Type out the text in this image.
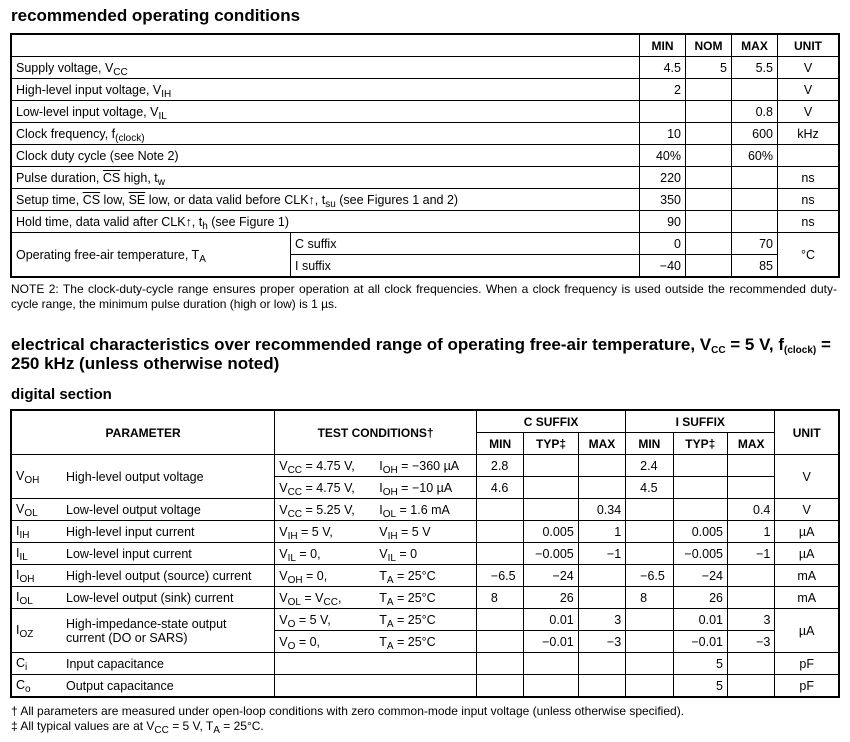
recommended operating conditions
		MIN	NOM	MAX	UNIT
Supply voltage, $V_{CC}$		4.5	5	5.5	V
High-level input voltage, $V_{IH}$		2			V
Low-level input voltage, $V_{IL}$				0.8	V
Clock frequency, $f_{(clock)}$		10		600	kHz
Clock duty cycle (see Note 2)		40%		60%	
Pulse duration, $\overline{CS}$ high, $t_w$		220			ns
Setup time, $\overline{CS}$ low, $\overline{SE}$ low, or data valid before CLK↑, $t_{su}$ (see Figures 1 and 2)		350			ns
Hold time, data valid after CLK↑, $t_h$ (see Figure 1)		90			ns
Operating free-air temperature, $T_A$	C suffix	0		70	°C
	I suffix	−40		85	
NOTE 2: The clock-duty-cycle range ensures proper operation at all clock frequencies. When a clock frequency is used outside the recommended duty-cycle range, the minimum pulse duration (high or low) is 1 µs.
electrical characteristics over recommended range of operating free-air temperature, $V_{CC} = 5$ V, $f_{(clock)} = 250$ kHz (unless otherwise noted)
digital section
PARAMETER	TEST CONDITIONS†	C SUFFIX			I SUFFIX			UNIT
		MIN	TYP‡	MAX	MIN	TYP‡	MAX	
$V_{OH}$ High-level output voltage	$V_{CC} = 4.75$ V, $I_{OH} = -360$ µA	2.8			2.4			V
	$V_{CC} = 4.75$ V, $I_{OH} = -10$ µA	4.6			4.5			
$V_{OL}$ Low-level output voltage	$V_{CC} = 5.25$ V, $I_{OL} = 1.6$ mA			0.34			0.4	V
$I_{IH}$ High-level input current	$V_{IH} = 5$ V, $V_{IH} = 5$ V		0.005	1		0.005	1	µA
$I_{IL}$ Low-level input current	$V_{IL} = 0$, $V_{IL} = 0$		−0.005	−1		−0.005	−1	µA
$I_{OH}$ High-level output (source) current	$V_{OH} = 0$, $T_A = 25^\circ C$	−6.5	−24		−6.5	−24		mA
$I_{OL}$ Low-level output (sink) current	$V_{OL} = V_{CC}$, $T_A = 25^\circ C$	8	26		8	26		mA
$I_{OZ}High-impedance$-state output current (DO or SARS)	$V_O = 5$ V, $T_A = 25^\circ C$		0.01	3		0.01	3	µA
	$V_O = 0$, $T_A = 25^\circ C$		−0.01	−3		−0.01	−3	
$C_i$ Input capacitance						5		pF
$C_o$ Output capacitance						5		pF
† All parameters are measured under open-loop conditions with zero common-mode input voltage (unless otherwise specified).
‡ All typical values are at $V_{CC} = 5$ V, $T_A = 25^\circ C$.
